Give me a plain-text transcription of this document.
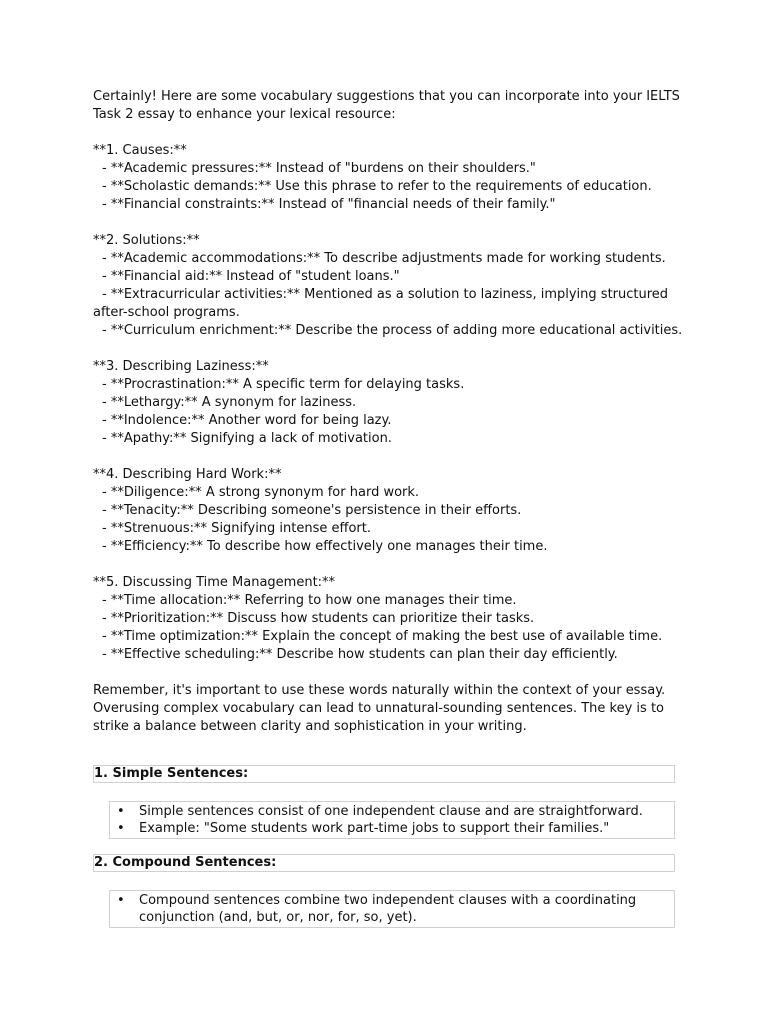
Certainly! Here are some vocabulary suggestions that you can incorporate into your IELTS Task 2 essay to enhance your lexical resource:

**1. Causes:**
- **Academic pressures:** Instead of "burdens on their shoulders."
- **Scholastic demands:** Use this phrase to refer to the requirements of education.
- **Financial constraints:** Instead of "financial needs of their family."
**2. Solutions:**
- **Academic accommodations:** To describe adjustments made for working students.
- **Financial aid:** Instead of "student loans."
- **Extracurricular activities:** Mentioned as a solution to laziness, implying structured
after-school programs.
- **Curriculum enrichment:** Describe the process of adding more educational activities.
**3. Describing Laziness:**
- **Procrastination:** A specific term for delaying tasks.
- **Lethargy:** A synonym for laziness.
- **Indolence:** Another word for being lazy.
- **Apathy:** Signifying a lack of motivation.
**4. Describing Hard Work:**
- **Diligence:** A strong synonym for hard work.
- **Tenacity:** Describing someone's persistence in their efforts.
- **Strenuous:** Signifying intense effort.
- **Efficiency:** To describe how effectively one manages their time.
**5. Discussing Time Management:**
- **Time allocation:** Referring to how one manages their time.
- **Prioritization:** Discuss how students can prioritize their tasks.
- **Time optimization:** Explain the concept of making the best use of available time.
- **Effective scheduling:** Describe how students can plan their day efficiently.

Remember, it's important to use these words naturally within the context of your essay. Overusing complex vocabulary can lead to unnatural-sounding sentences. The key is to strike a balance between clarity and sophistication in your writing.

1. Simple Sentences:
• Simple sentences consist of one independent clause and are straightforward.
• Example: "Some students work part-time jobs to support their families."
2. Compound Sentences:
• Compound sentences combine two independent clauses with a coordinating conjunction (and, but, or, nor, for, so, yet).
